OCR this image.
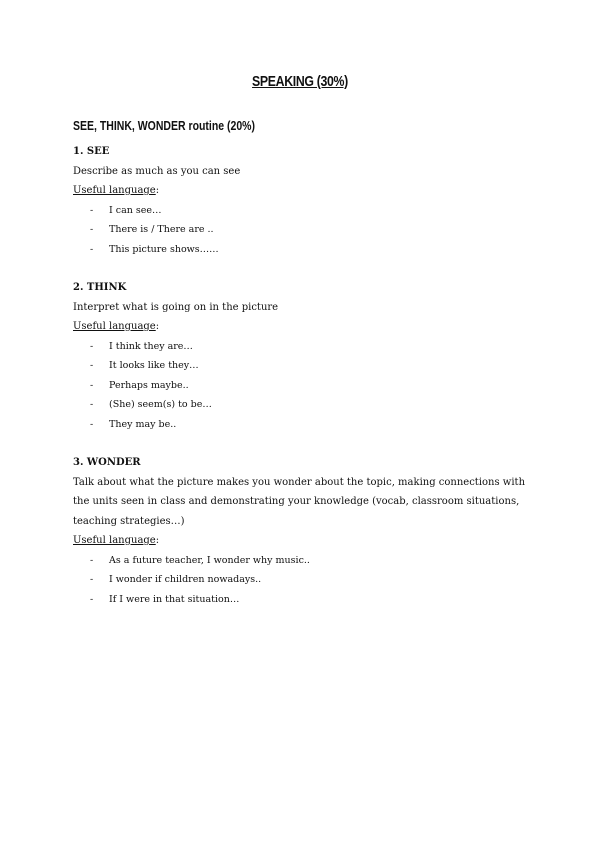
SPEAKING (30%)
SEE, THINK, WONDER routine (20%)
1. SEE
Describe as much as you can see
Useful language:
- I can see…
- There is / There are ..
- This picture shows……
2. THINK
Interpret what is going on in the picture
Useful language:
- I think they are…
- It looks like they…
- Perhaps maybe..
- (She) seem(s) to be…
- They may be..
3. WONDER
Talk about what the picture makes you wonder about the topic, making connections with the units seen in class and demonstrating your knowledge (vocab, classroom situations, teaching strategies…)
Useful language:
- As a future teacher, I wonder why music..
- I wonder if children nowadays..
- If I were in that situation…
